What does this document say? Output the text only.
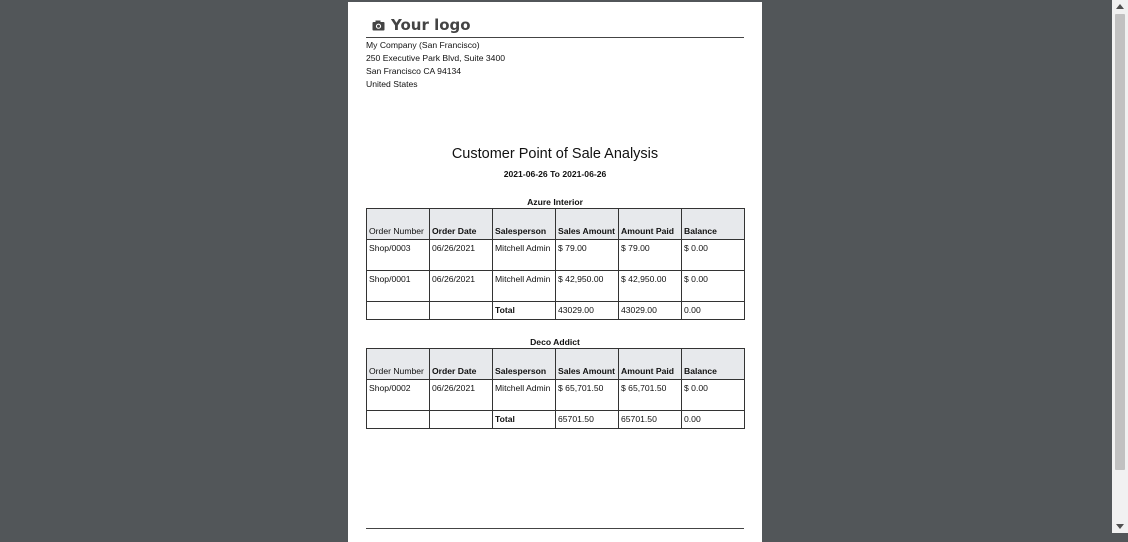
Your logo
My Company (San Francisco)
250 Executive Park Blvd, Suite 3400
San Francisco CA 94134
United States
Customer Point of Sale Analysis
2021-06-26 To 2021-06-26
Azure Interior
Order Number	Order Date	Salesperson	Sales Amount	Amount Paid	Balance
Shop/0003	06/26/2021	Mitchell Admin	$ 79.00	$ 79.00	$ 0.00
Shop/0001	06/26/2021	Mitchell Admin	$ 42,950.00	$ 42,950.00	$ 0.00
		Total	43029.00	43029.00	0.00
Deco Addict
Order Number	Order Date	Salesperson	Sales Amount	Amount Paid	Balance
Shop/0002	06/26/2021	Mitchell Admin	$ 65,701.50	$ 65,701.50	$ 0.00
		Total	65701.50	65701.50	0.00
